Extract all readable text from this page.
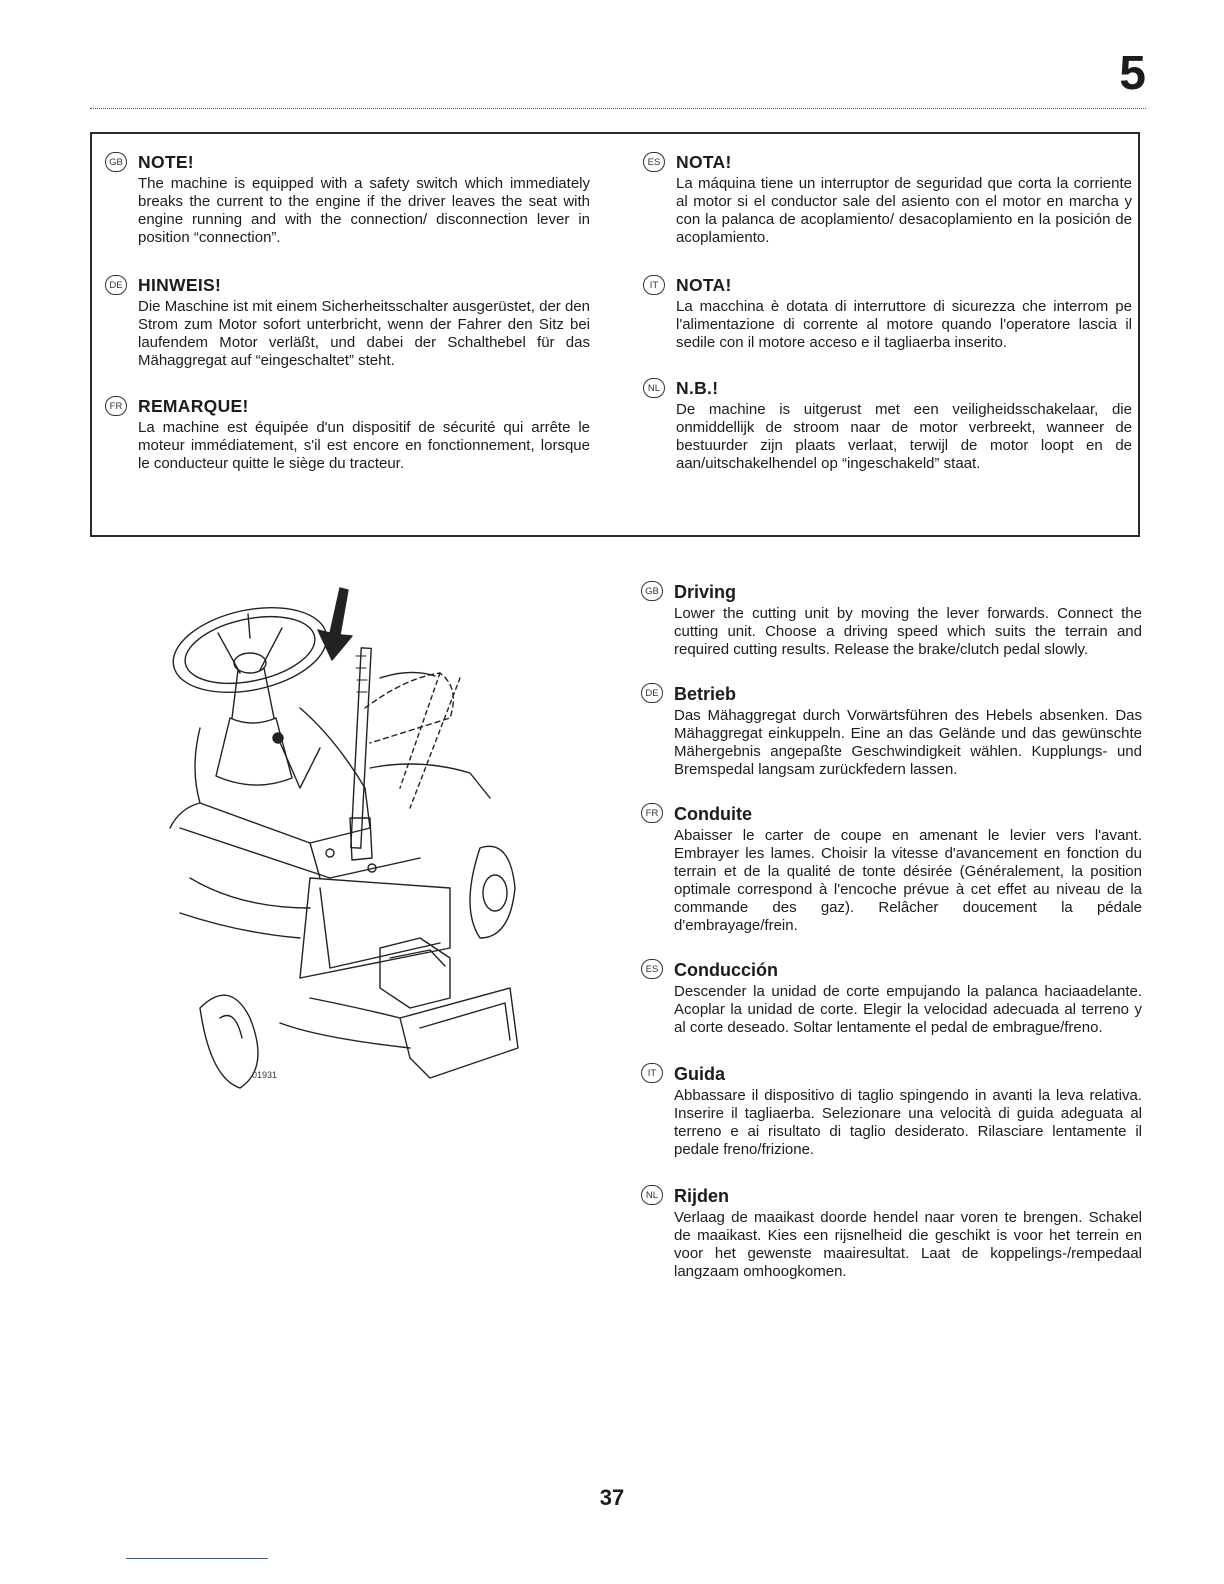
5
GB NOTE!

The machine is equipped with a safety switch which immediately breaks the current to the engine if the driver leaves the seat with engine running and with the connection/ disconnection lever in position “connection”.

DE HINWEIS!

Die Maschine ist mit einem Sicherheitsschalter ausgerüstet, der den Strom zum Motor sofort unterbricht, wenn der Fahrer den Sitz bei laufendem Motor verläßt, und dabei der Schalthebel für das Mähaggregat auf “eingeschaltet” steht.

FR REMARQUE!

La machine est équipée d'un dispositif de sécurité qui arrête le moteur immédiatement, s'il est encore en fonctionnement, lorsque le conducteur quitte le siège du tracteur.

ES NOTA!

La máquina tiene un interruptor de seguridad que corta la corriente al motor si el conductor sale del asiento con el motor en marcha y con la palanca de acoplamiento/ desacoplamiento en la posición de acoplamiento.

IT	NOTA!

La macchina è dotata di interruttore di sicurezza che interrom pe l'alimentazione di corrente al motore quando l'operatore lascia il sedile con il motore acceso e il tagliaerba inserito.

NL N.B.!

De machine is uitgerust met een veiligheidsschakelaar, die onmiddellijk de stroom naar de motor verbreekt, wanneer de bestuurder zijn plaats verlaat, terwijl de motor loopt en de aan/uitschakelhendel op “ingeschakeld” staat.

01931
GB Driving

Lower the cutting unit by moving the lever forwards. Connect the cutting unit. Choose a driving speed which suits the terrain and required cutting results. Release the brake/clutch pedal slowly.

DE Betrieb

Das Mähaggregat durch Vorwärtsführen des Hebels absenken. Das Mähaggregat einkuppeln. Eine an das Gelände und das gewünschte Mähergebnis angepaßte Geschwindigkeit wählen. Kupplungs- und Bremspedal langsam zurückfedern lassen.

FR Conduite

Abaisser le carter de coupe en amenant le levier vers l'avant. Embrayer les lames. Choisir la vitesse d'avancement en fonction du terrain et de la qualité de tonte désirée (Généralement, la position optimale correspond à l'encoche prévue à cet effet au niveau de la commande des gaz). Relâcher doucement la pédale d'embrayage/frein.

ES Conducción

Descender la unidad de corte empujando la palanca haciaadelante. Acoplar la unidad de corte. Elegir la velocidad adecuada al terreno y al corte deseado. Soltar lentamente el pedal de embrague/freno.

IT Guida

Abbassare il dispositivo di taglio spingendo in avanti la leva relativa. Inserire il tagliaerba. Selezionare una velocità di guida adeguata al terreno e ai risultato di taglio desiderato. Rilasciare lentamente il pedale freno/frizione.

NL Rijden

Verlaag de maaikast doorde hendel naar voren te brengen. Schakel de maaikast. Kies een rijsnelheid die geschikt is voor het terrein en voor het gewenste maairesultat. Laat de koppelings-/rempedaal langzaam omhoogkomen.

37
